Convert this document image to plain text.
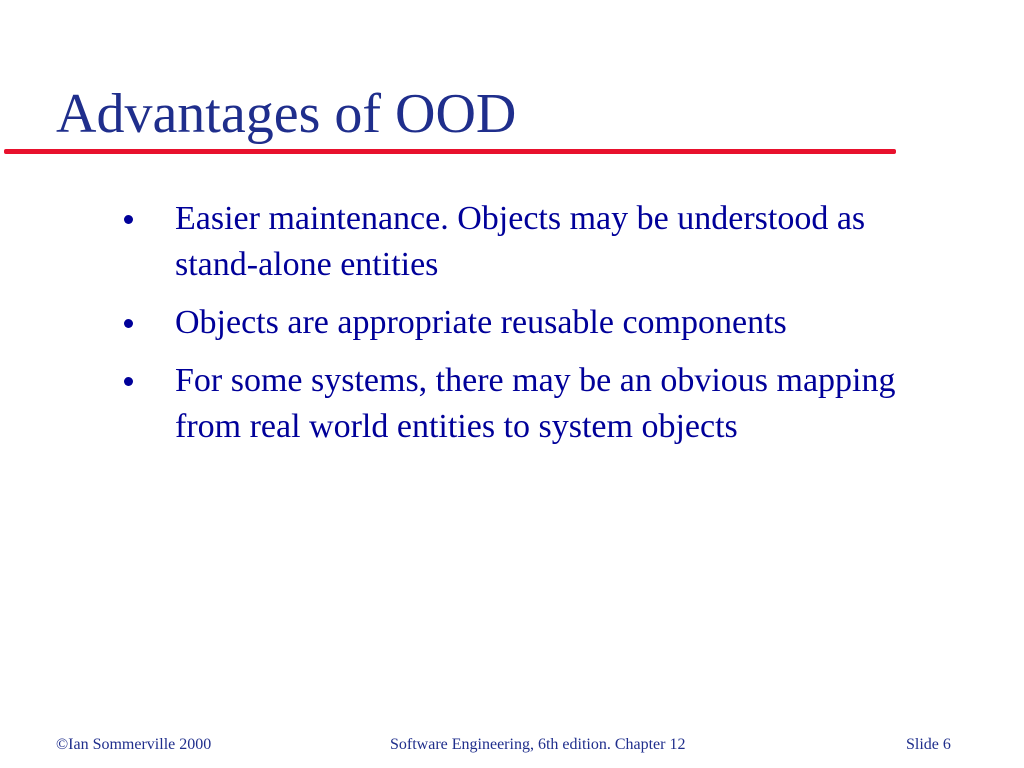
Advantages of OOD
Easier maintenance. Objects may be understood as stand-alone entities
Objects are appropriate reusable components
For some systems, there may be an obvious mapping from real world entities to system objects
©Ian Sommerville 2000	Software Engineering, 6th edition. Chapter 12	Slide 6
